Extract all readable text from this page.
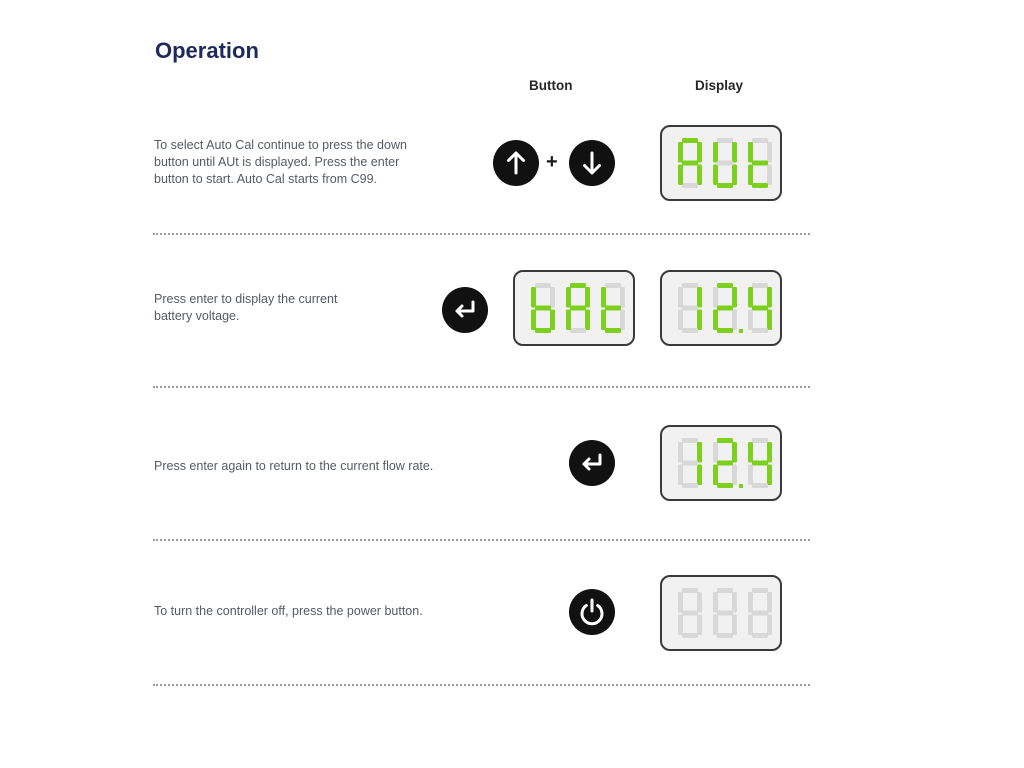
Operation
Button	Display
To select Auto Cal continue to press the down
button until AUt is displayed. Press the enter
button to start. Auto Cal starts from C99.
+
Press enter to display the current
battery voltage.
Press enter again to return to the current flow rate.
To turn the controller off, press the power button.
